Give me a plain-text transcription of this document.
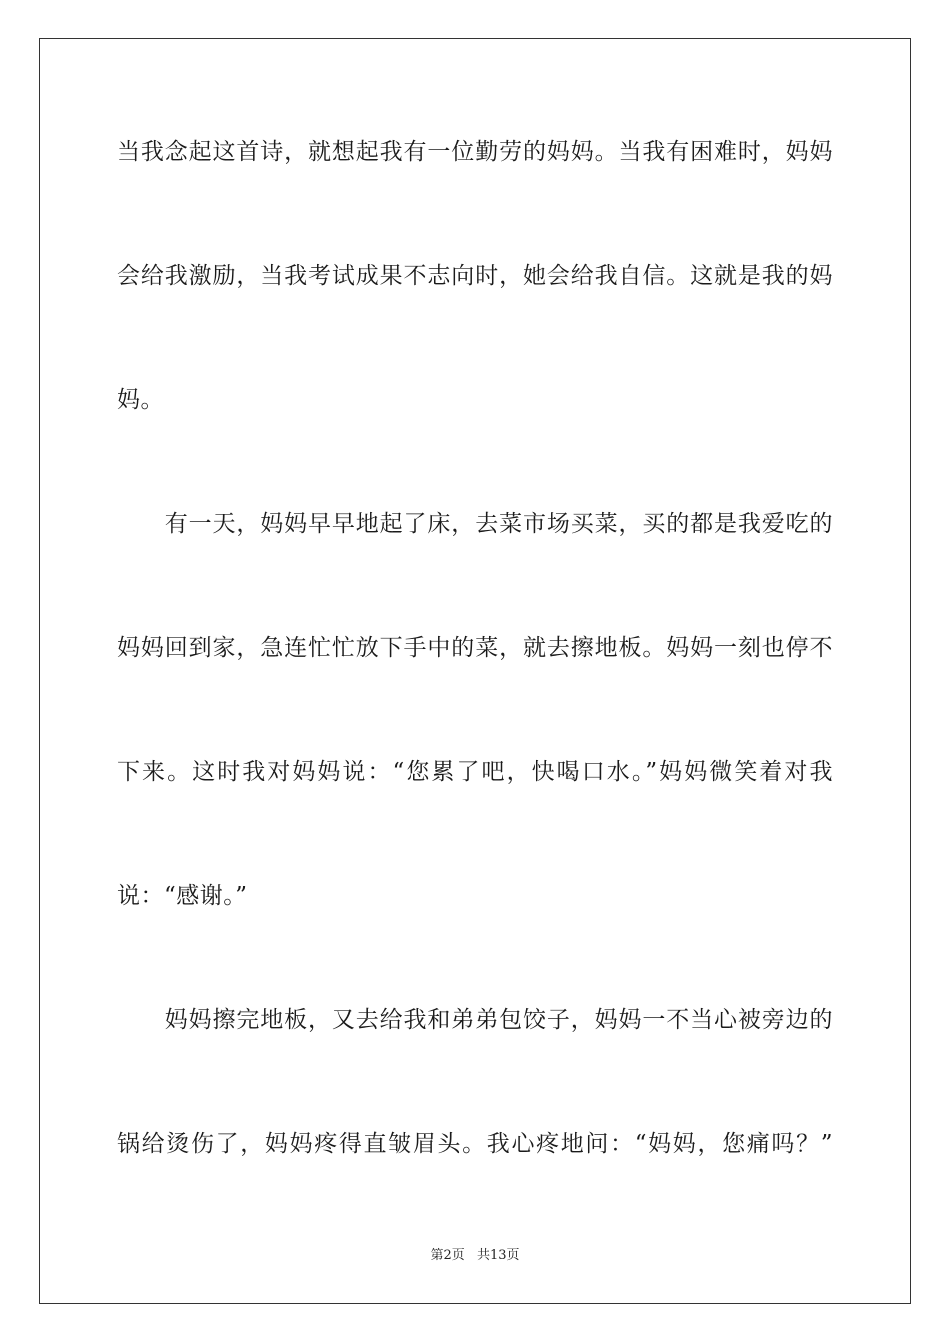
当我念起这首诗，就想起我有一位勤劳的妈妈。当我有困难时，妈妈
会给我激励，当我考试成果不志向时，她会给我自信。这就是我的妈
妈。
　　有一天，妈妈早早地起了床，去菜市场买菜，买的都是我爱吃的
妈妈回到家，急连忙忙放下手中的菜，就去擦地板。妈妈一刻也停不
下来。这时我对妈妈说：“您累了吧，快喝口水。”妈妈微笑着对我
说：“感谢。”
　　妈妈擦完地板，又去给我和弟弟包饺子，妈妈一不当心被旁边的
锅给烫伤了，妈妈疼得直皱眉头。我心疼地问：“妈妈，您痛吗？”
第2页 共13页
